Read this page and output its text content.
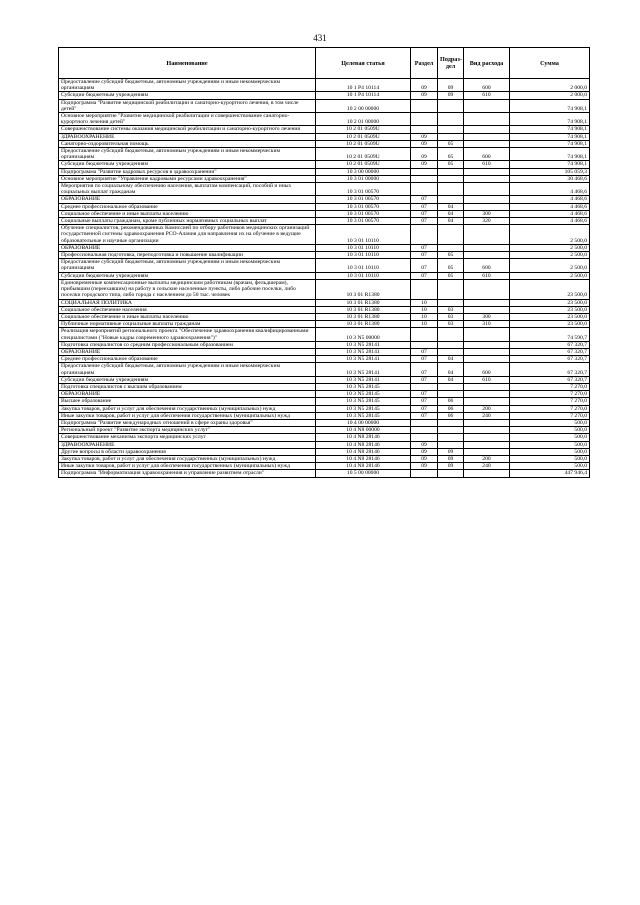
431
Наименование	Целевая статья	Раздел	Подраз-дел	Вид расхода	Сумма
Предоставление субсидий бюджетным, автономным учреждениям и иным некоммерческим организациям	10 1 P4 10114	09	09	600	2 000,0
Субсидии бюджетным учреждениям	10 1 P4 10114	09	09	610	2 000,0
Подпрограмма "Развитие медицинской реабилитации и санаторно-курортного лечения, в том числе детей"	10 2 00 00000				74 908,1
Основное мероприятие "Развитие медицинской реабилитации и совершенствование санаторно-курортного лечения детей"	10 2 01 00000				74 908,1
Совершенствование системы оказания медицинской реабилитации и санаторно-курортного лечения	10 2 01 0509U				74 908,1
ЗДРАВООХРАНЕНИЕ	10 2 01 0509U	09			74 908,1
Санаторно-оздоровительная помощь	10 2 01 0509U	09	05		74 908,1
Предоставление субсидий бюджетным, автономным учреждениям и иным некоммерческим организациям	10 2 01 0509U	09	05	600	74 908,1
Субсидии бюджетным учреждениям	10 2 01 0509U	09	05	610	74 908,1
Подпрограмма "Развитие кадровых ресурсов в здравоохранении"	10 3 00 00000				105 059,3
Основное мероприятие "Управление кадровыми ресурсами здравоохранения"	10 3 01 00000				30 468,6
Мероприятия по социальному обеспечению населения, выплатам компенсаций, пособий и иных социальных выплат гражданам	10 3 01 00570				4 468,6
ОБРАЗОВАНИЕ	10 3 01 00570	07			4 468,6
Среднее профессиональное образование	10 3 01 00570	07	04		4 468,6
Социальное обеспечение и иные выплаты населению	10 3 01 00570	07	04	300	4 468,6
Социальные выплаты гражданам, кроме публичных нормативных социальных выплат	10 3 01 00570	07	04	320	4 468,6
Обучение специалистов, рекомендованных Комиссией по отбору работников медицинских организаций государственной системы здравоохранения РСО-Алания для направления их на обучение в ведущие образовательные и научные организации	10 3 01 10110				2 500,0
ОБРАЗОВАНИЕ	10 3 01 10110	07			2 500,0
Профессиональная подготовка, переподготовка и повышение квалификации	10 3 01 10110	07	05		2 500,0
Предоставление субсидий бюджетным, автономным учреждениям и иным некоммерческим организациям	10 3 01 10110	07	05	600	2 500,0
Субсидии бюджетным учреждениям	10 3 01 10110	07	05	610	2 500,0
Единовременные компенсационные выплаты медицинским работникам (врачам, фельдшерам), прибывшим (переехавшим) на работу в сельские населенные пункты, либо рабочие поселки, либо поселки городского типа, либо города с населением до 50 тыс. человек	10 3 01 R1380				23 500,0
СОЦИАЛЬНАЯ ПОЛИТИКА	10 3 01 R1380	10			23 500,0
Социальное обеспечение населения	10 3 01 R1380	10	03		23 500,0
Социальное обеспечение и иные выплаты населению	10 3 01 R1380	10	03	300	23 500,0
Публичные нормативные социальные выплаты гражданам	10 3 01 R1380	10	03	310	23 500,0
Реализация мероприятий регионального проекта "Обеспечение здравоохранения квалифицированными специалистами ("Новые кадры современного здравоохранения")"	10 3 N5 00000				74 590,7
Подготовка специалистов со средним профессиональным образованием	10 3 N5 28141				67 320,7
ОБРАЗОВАНИЕ	10 3 N5 28141	07			67 320,7
Среднее профессиональное образование	10 3 N5 28141	07	04		67 320,7
Предоставление субсидий бюджетным, автономным учреждениям и иным некоммерческим организациям	10 3 N5 28141	07	04	600	67 320,7
Субсидии бюджетным учреждениям	10 3 N5 28141	07	04	610	67 320,7
Подготовка специалистов с высшим образованием	10 3 N5 28145				7 270,0
ОБРАЗОВАНИЕ	10 3 N5 28145	07			7 270,0
Высшее образование	10 3 N5 28145	07	06		7 270,0
Закупка товаров, работ и услуг для обеспечения государственных (муниципальных) нужд	10 3 N5 28145	07	06	200	7 270,0
Иные закупки товаров, работ и услуг для обеспечения государственных (муниципальных) нужд	10 3 N5 28145	07	06	240	7 270,0
Подпрограмма "Развитие международных отношений в сфере охраны здоровья"	10 4 00 00000				500,0
Региональный проект "Развитие экспорта медицинских услуг"	10 4 N8 00000				500,0
Совершенствование механизма экспорта медицинских услуг	10 4 N8 28146				500,0
ЗДРАВООХРАНЕНИЕ	10 4 N8 28146	09			500,0
Другие вопросы в области здравоохранения	10 4 N8 28146	09	09		500,0
Закупка товаров, работ и услуг для обеспечения государственных (муниципальных) нужд	10 4 N8 28146	09	09	200	500,0
Иные закупки товаров, работ и услуг для обеспечения государственных (муниципальных) нужд	10 4 N8 28146	09	09	240	500,0
Подпрограмма "Информатизация здравоохранения и управление развитием отрасли"	10 5 00 00000				447 946,4
